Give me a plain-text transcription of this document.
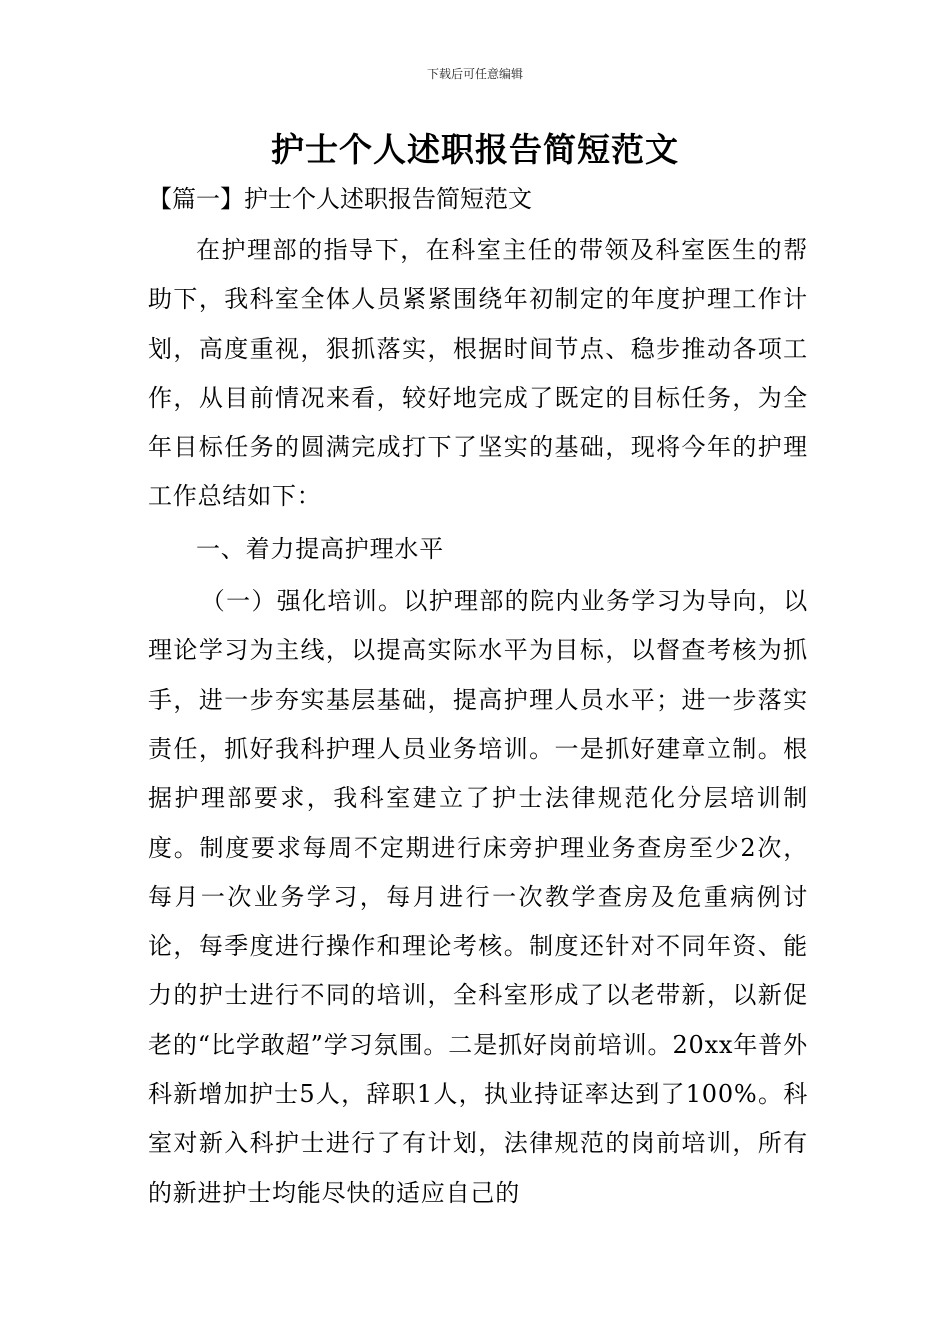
下载后可任意编辑
护士个人述职报告简短范文
【篇一】护士个人述职报告简短范文

在护理部的指导下，在科室主任的带领及科室医生的帮助下，我科室全体人员紧紧围绕年初制定的年度护理工作计划，高度重视，狠抓落实，根据时间节点、稳步推动各项工作，从目前情况来看，较好地完成了既定的目标任务，为全年目标任务的圆满完成打下了坚实的基础，现将今年的护理工作总结如下：

一、着力提高护理水平

（一）强化培训。以护理部的院内业务学习为导向，以理论学习为主线，以提高实际水平为目标，以督查考核为抓手，进一步夯实基层基础，提高护理人员水平；进一步落实责任，抓好我科护理人员业务培训。一是抓好建章立制。根据护理部要求，我科室建立了护士法律规范化分层培训制度。制度要求每周不定期进行床旁护理业务查房至少2次，每月一次业务学习，每月进行一次教学查房及危重病例讨论，每季度进行操作和理论考核。制度还针对不同年资、能力的护士进行不同的培训，全科室形成了以老带新，以新促老的“比学敢超”学习氛围。二是抓好岗前培训。20xx年普外科新增加护士5人，辞职1人，执业持证率达到了100%。科室对新入科护士进行了有计划，法律规范的岗前培训，所有的新进护士均能尽快的适应自己的
